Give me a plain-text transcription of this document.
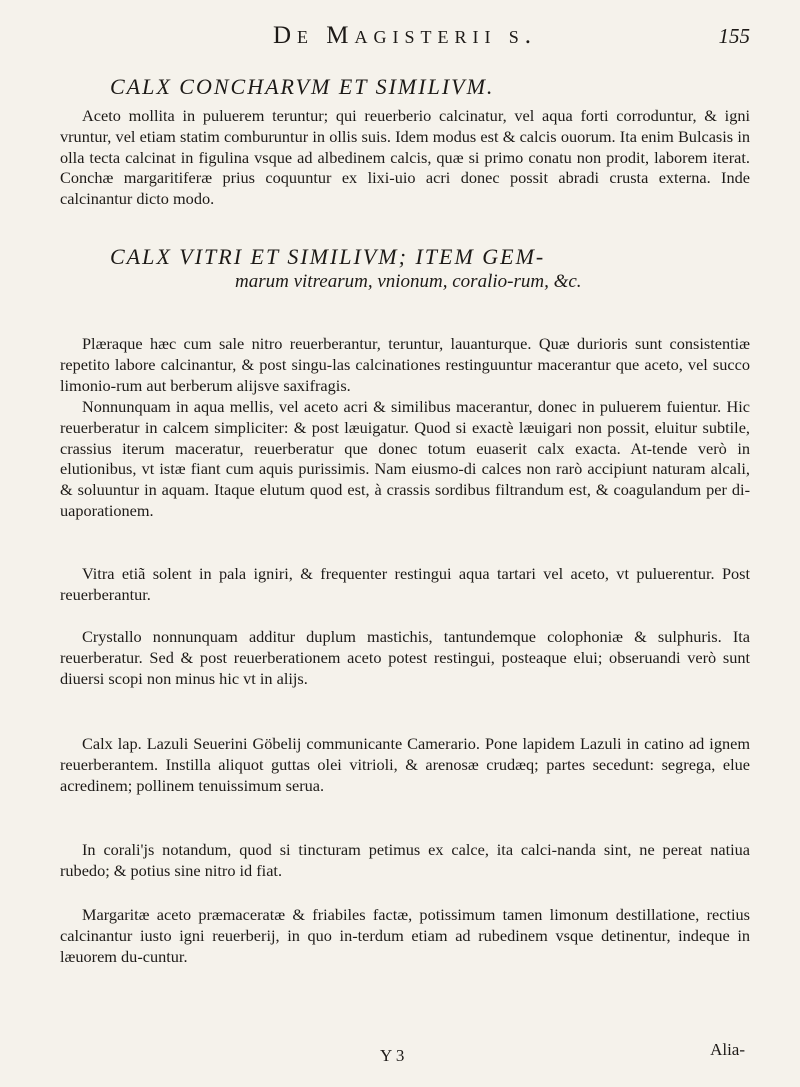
De Magisterii s.	155
CALX CONCHARVM ET SIMILIVM.

Aceto mollita in puluerem teruntur; qui reuerberio calcinatur, vel aqua forti corroduntur, & igni vruntur, vel etiam statim comburuntur in ollis suis. Idem modus est & calcis ouorum. Ita enim Bulcasis in olla tecta calcinat in figulina vsque ad albedinem calcis, quæ si primo conatu non prodit, laborem iterat. Conchæ margaritiferæ prius coquuntur ex lixi-uio acri donec possit abradi crusta externa. Inde calcinantur dicto modo.

CALX VITRI ET SIMILIVM; ITEM GEM-
marum vitrearum, vnionum, coralio-rum, &c.

Plæraque hæc cum sale nitro reuerberantur, teruntur, lauanturque. Quæ durioris sunt consistentiæ repetito labore calcinantur, & post singu-las calcinationes restinguuntur macerantur que aceto, vel succo limonio-rum aut berberum alijsve saxifragis.

Nonnunquam in aqua mellis, vel aceto acri & similibus macerantur, donec in puluerem fuientur. Hic reuerberatur in calcem simpliciter: & post læuigatur. Quod si exactè læuigari non possit, eluitur subtile, crassius iterum maceratur, reuerberatur que donec totum euaserit calx exacta. At-tende verò in elutionibus, vt istæ fiant cum aquis purissimis. Nam eiusmo-di calces non rarò accipiunt naturam alcali, & soluuntur in aquam. Itaque elutum quod est, à crassis sordibus filtrandum est, & coagulandum per di-uaporationem.

Vitra etiã solent in pala igniri, & frequenter restingui aqua tartari vel aceto, vt puluerentur. Post reuerberantur.

Crystallo nonnunquam additur duplum mastichis, tantundemque colophoniæ & sulphuris. Ita reuerberatur. Sed & post reuerberationem aceto potest restingui, posteaque elui; obseruandi verò sunt diuersi scopi non minus hic vt in alijs.

Calx lap. Lazuli Seuerini Göbelij communicante Camerario. Pone lapidem Lazuli in catino ad ignem reuerberantem. Instilla aliquot guttas olei vitrioli, & arenosæ crudæq; partes secedunt: segrega, elue acredinem; pollinem tenuissimum serua.

In corali'js notandum, quod si tincturam petimus ex calce, ita calci-nanda sint, ne pereat natiua rubedo; & potius sine nitro id fiat.

Margaritæ aceto præmaceratæ & friabiles factæ, potissimum tamen limonum destillatione, rectius calcinantur iusto igni reuerberij, in quo in-terdum etiam ad rubedinem vsque detinentur, indeque in læuorem du-cuntur.

Y 3	Alia-
